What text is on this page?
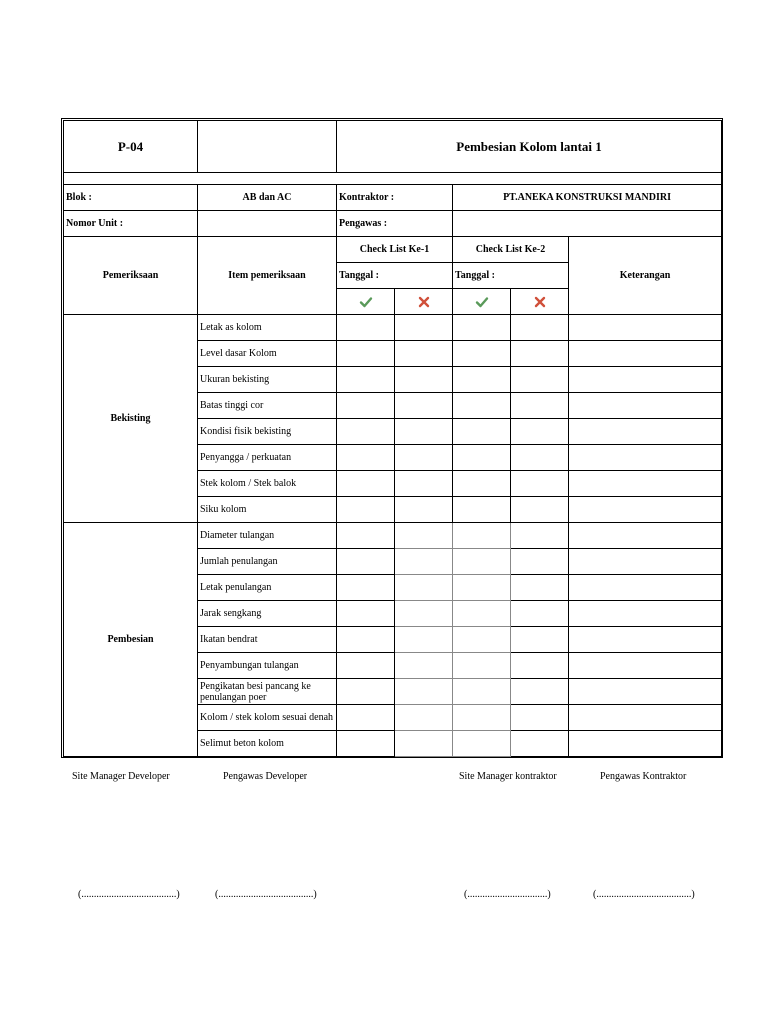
P-04		Pembesian Kolom lantai 1				

Blok :	AB dan AC	Kontraktor :		PT.ANEKA KONSTRUKSI MANDIRI		
Nomor Unit :		Pengawas :				
Pemeriksaan	Item pemeriksaan	Check List Ke-1		Check List Ke-2		Keterangan
		Tanggal :		Tanggal :		

Bekisting	Letak as kolom					
	Level dasar Kolom					
	Ukuran bekisting					
	Batas tinggi cor					
	Kondisi fisik bekisting					
	Penyangga / perkuatan					
	Stek kolom / Stek balok					
	Siku kolom					
Pembesian	Diameter tulangan					
	Jumlah penulangan					
	Letak penulangan					
	Jarak sengkang					
	Ikatan bendrat					
	Penyambungan tulangan					
	Pengikatan besi pancang ke penulangan poer					
	Kolom / stek kolom sesuai denah					
	Selimut beton kolom					
Site Manager Developer
(......................................)
Pengawas Developer
(......................................)
Site Manager kontraktor
(................................)
Pengawas Kontraktor
(......................................)
